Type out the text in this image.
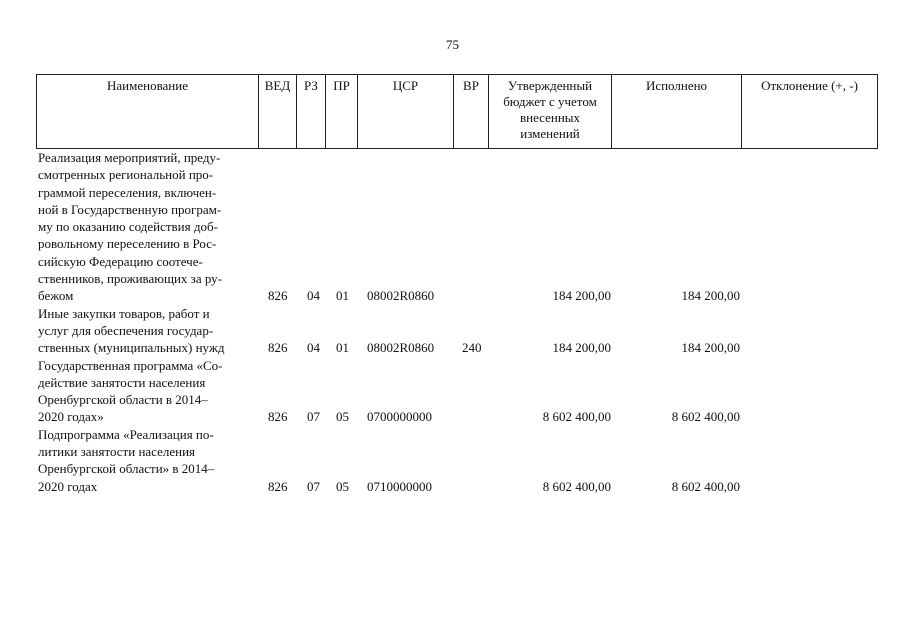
75
Наименование	ВЕД	РЗ	ПР	ЦСР	ВР	Утвержденный бюджет с учетом внесенных изменений	Исполнено	Отклонение (+, -)
Реализация мероприятий, преду-
смотренных региональной про-
граммой переселения, включен-
ной в Государственную програм-
му по оказанию содействия доб-
ровольному переселению в Рос-
сийскую Федерацию соотече-
ственников, проживающих за ру-
бежом	826 04 01 08002R0860	184 200,00	184 200,00
Иные закупки товаров, работ и
услуг для обеспечения государ-
ственных (муниципальных) нужд	826 04 01 08002R0860 240	184 200,00	184 200,00
Государственная программа «Со-
действие занятости населения
Оренбургской области в 2014–
2020 годах»	826 07 05 0700000000	8 602 400,00	8 602 400,00
Подпрограмма «Реализация по-
литики занятости населения
Оренбургской области» в 2014–
2020 годах	826 07 05 0710000000	8 602 400,00	8 602 400,00
